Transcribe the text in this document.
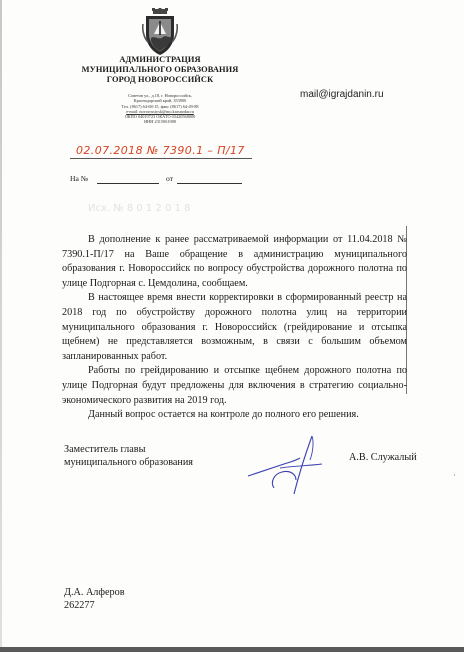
АДМИНИСТРАЦИЯ
МУНИЦИПАЛЬНОГО ОБРАЗОВАНИЯ
ГОРОД НОВОРОССИЙСК
Советов ул., д.18, г. Новороссийск,
Краснодарский край, 353900
Тел. (8617) 64-68-15, факс (8617) 64-49-88
e-mail: novorossiysk@mo.krasnodar.ru
ОКПО 04019723 ОКАТО 03420568000
ИНН 2315061988
mail@igrajdanin.ru
02.07.2018 № 7390.1 – П/17
На №	от
Исх. № 8 0 1 2 0 1 8

В дополнение к ранее рассматриваемой информации от 11.04.2018 № 7390.1-П/17 на Ваше обращение в администрацию муниципального образования г. Новороссийск по вопросу обустройства дорожного полотна по улице Подгорная с. Цемдолина, сообщаем.

В настоящее время внести корректировки в сформированный реестр на 2018 год по обустройству дорожного полотна улиц на территории муниципального образования г. Новороссийск (грейдирование и отсыпка щебнем) не представляется возможным, в связи с большим объемом запланированных работ.

Работы по грейдированию и отсыпке щебнем дорожного полотна по улице Подгорная будут предложены для включения в стратегию социально-экономического развития на 2019 год.

Данный вопрос остается на контроле до полного его решения.

Заместитель главы
муниципального образования	А.В. Служалый
·
Д.А. Алферов
262277
